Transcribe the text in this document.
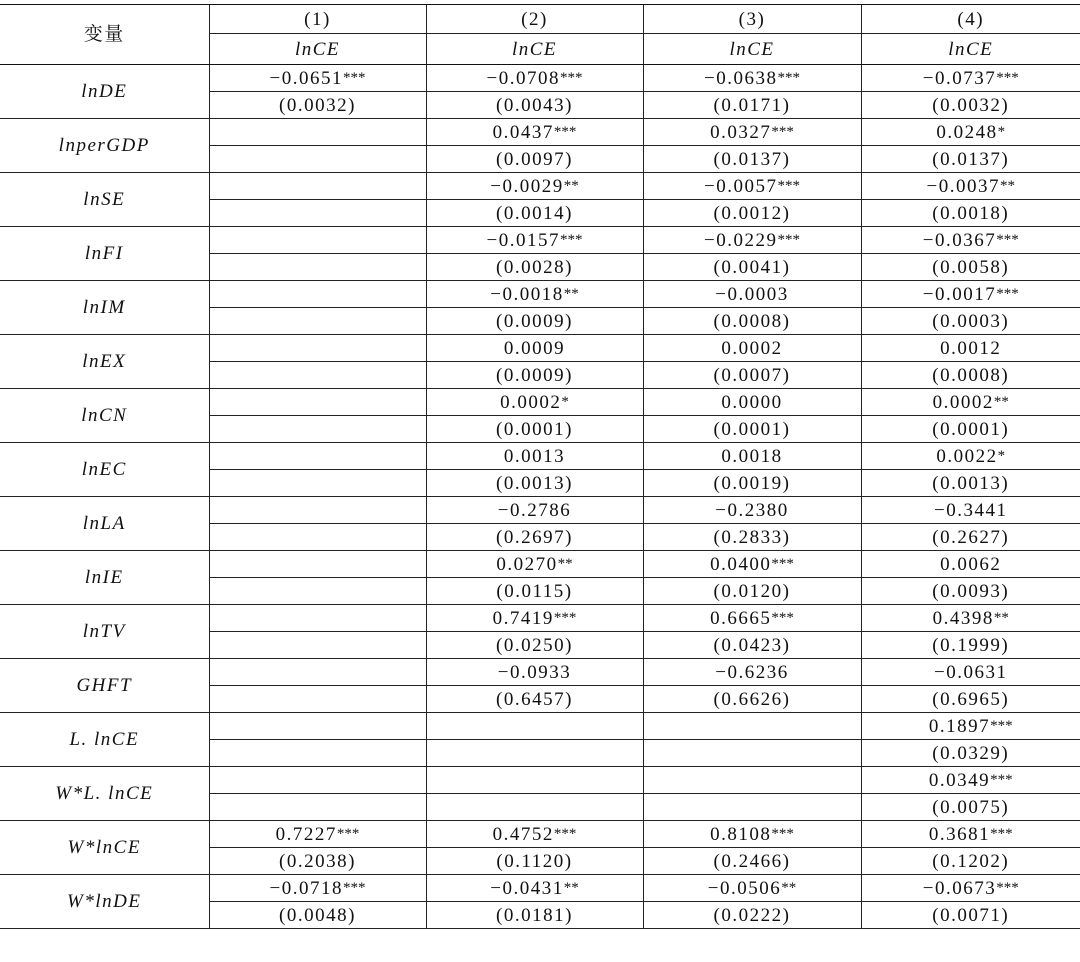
变量	(1)	(2)	(3)	(4)
	lnCE	lnCE	lnCE	lnCE
lnDE	−0.0651***	−0.0708***	−0.0638***	−0.0737***
	(0.0032)	(0.0043)	(0.0171)	(0.0032)
lnperGDP		0.0437***	0.0327***	0.0248*
		(0.0097)	(0.0137)	(0.0137)
lnSE		−0.0029**	−0.0057***	−0.0037**
		(0.0014)	(0.0012)	(0.0018)
lnFI		−0.0157***	−0.0229***	−0.0367***
		(0.0028)	(0.0041)	(0.0058)
lnIM		−0.0018**	−0.0003	−0.0017***
		(0.0009)	(0.0008)	(0.0003)
lnEX		0.0009	0.0002	0.0012
		(0.0009)	(0.0007)	(0.0008)
lnCN		0.0002*	0.0000	0.0002**
		(0.0001)	(0.0001)	(0.0001)
lnEC		0.0013	0.0018	0.0022*
		(0.0013)	(0.0019)	(0.0013)
lnLA		−0.2786	−0.2380	−0.3441
		(0.2697)	(0.2833)	(0.2627)
lnIE		0.0270**	0.0400***	0.0062
		(0.0115)	(0.0120)	(0.0093)
lnTV		0.7419***	0.6665***	0.4398**
		(0.0250)	(0.0423)	(0.1999)
GHFT		−0.0933	−0.6236	−0.0631
		(0.6457)	(0.6626)	(0.6965)
L. lnCE				0.1897***
				(0.0329)
W*L. lnCE				0.0349***
				(0.0075)
W*lnCE	0.7227***	0.4752***	0.8108***	0.3681***
	(0.2038)	(0.1120)	(0.2466)	(0.1202)
W*lnDE	−0.0718***	−0.0431**	−0.0506**	−0.0673***
	(0.0048)	(0.0181)	(0.0222)	(0.0071)
